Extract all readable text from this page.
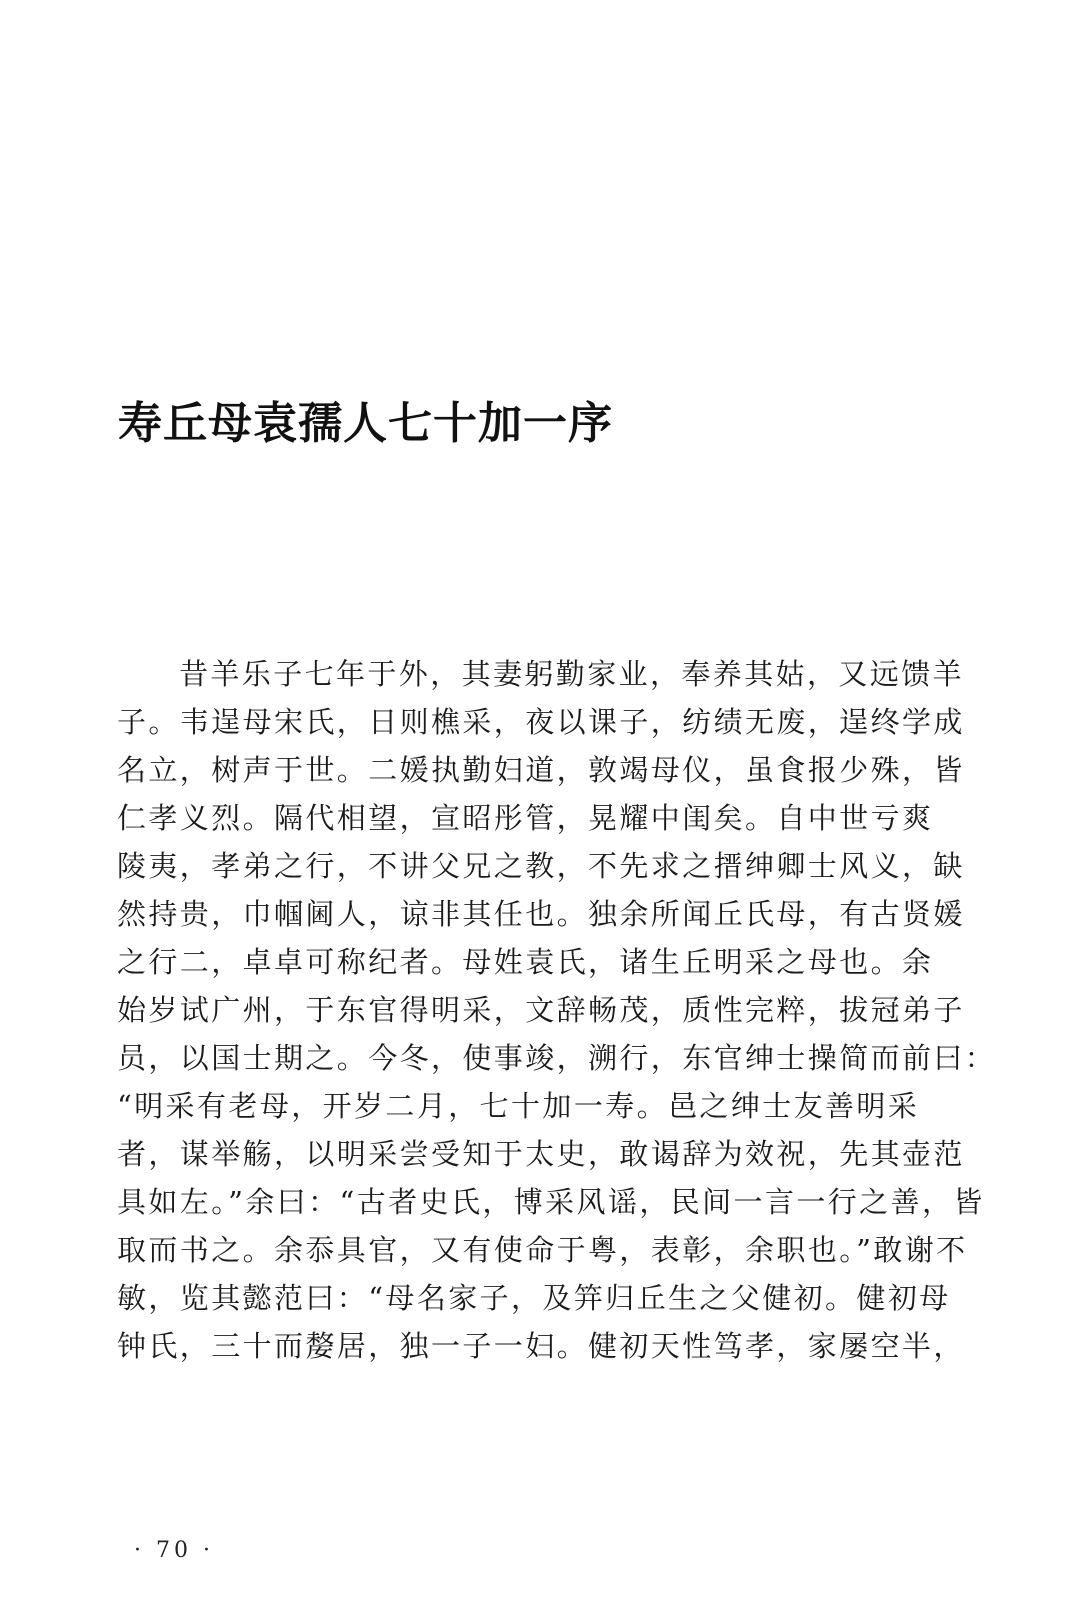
寿丘母袁孺人七十加一序

昔羊乐子七年于外，其妻躬勤家业，奉养其姑，又远馈羊

子。韦逞母宋氏，日则樵采，夜以课子，纺绩无废，逞终学成

名立，树声于世。二媛执勤妇道，敦竭母仪，虽食报少殊，皆

仁孝义烈。隔代相望，宣昭彤管，晃耀中闺矣。自中世亏爽

陵夷，孝弟之行，不讲父兄之教，不先求之搢绅卿士风义，缺

然持贵，巾帼阃人，谅非其任也。独余所闻丘氏母，有古贤媛

之行二，卓卓可称纪者。母姓袁氏，诸生丘明采之母也。余

始岁试广州，于东官得明采，文辞畅茂，质性完粹，拔冠弟子

员，以国士期之。今冬，使事竣，溯行，东官绅士操简而前曰：

“明采有老母，开岁二月，七十加一寿。邑之绅士友善明采

者，谋举觞，以明采尝受知于太史，敢谒辞为效祝，先其壶范

具如左。”余曰：“古者史氏，博采风谣，民间一言一行之善，皆

取而书之。余忝具官，又有使命于粤，表彰，余职也。”敢谢不

敏，览其懿范曰：“母名家子，及笄归丘生之父健初。健初母

钟氏，三十而嫠居，独一子一妇。健初天性笃孝，家屡空半，

· 70 ·
